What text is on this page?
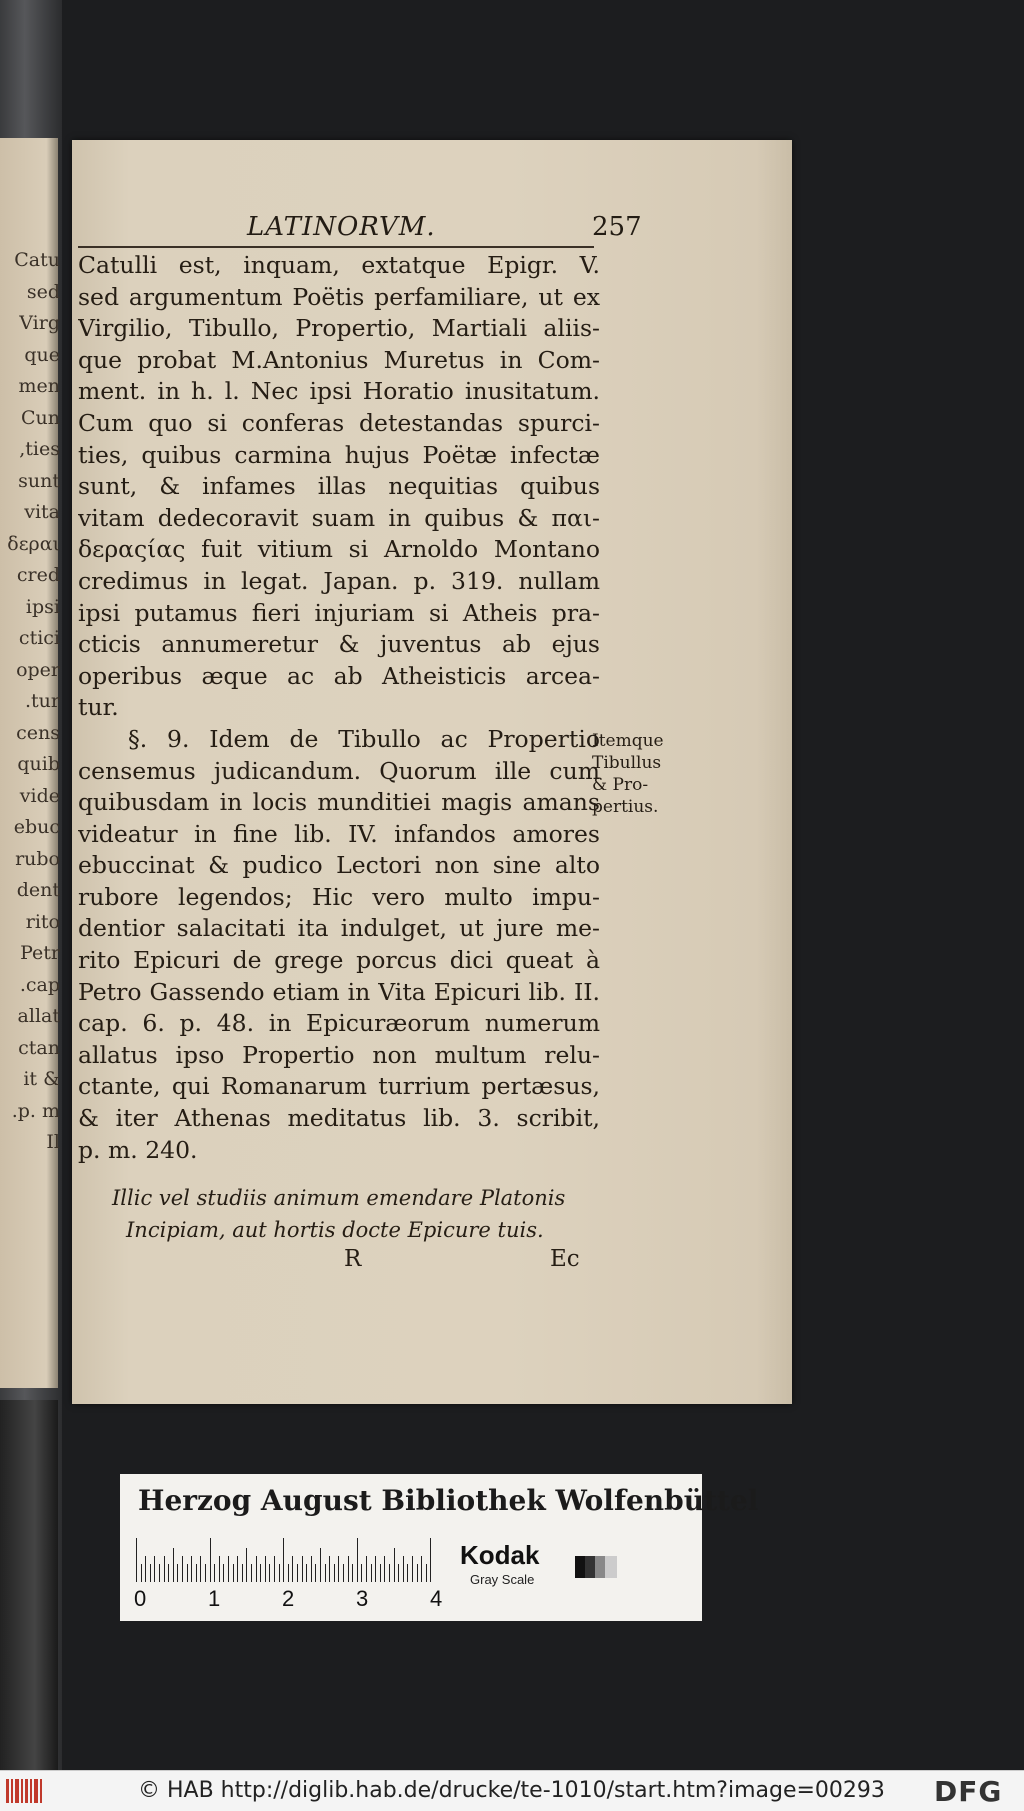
Catu
sed
Virg
que
men
Cun
ties,
sunt
vita
δεραι
cred
ipsi
ctici
oper
tur.
cens
quib
vide
ebuc
rubo
dent
rito
Petr
cap.
allat
ctan
& it
p. m.
Il
LATINORVM.	257
Catulli est, inquam, extatque Epigr. V.
sed argumentum Poëtis perfamiliare, ut ex
Virgilio, Tibullo, Propertio, Martiali aliis-
que probat M.Antonius Muretus in Com-
ment. in h. l. Nec ipsi Horatio inusitatum.
Cum quo si conferas detestandas spurci-
ties, quibus carmina hujus Poëtæ infectæ
sunt, & infames illas nequitias quibus
vitam dedecoravit suam in quibus & παι-
δεραςίας fuit vitium si Arnoldo Montano
credimus in legat. Japan. p. 319. nullam
ipsi putamus fieri injuriam si Atheis pra-
cticis annumeretur & juventus ab ejus
operibus æque ac ab Atheisticis arcea-
tur.
§. 9. Idem de Tibullo ac Propertio
censemus judicandum. Quorum ille cum
quibusdam in locis munditiei magis amans
videatur in fine lib. IV. infandos amores
ebuccinat & pudico Lectori non sine alto
rubore legendos; Hic vero multo impu-
dentior salacitati ita indulget, ut jure me-
rito Epicuri de grege porcus dici queat à
Petro Gassendo etiam in Vita Epicuri lib. II.
cap. 6. p. 48. in Epicuræorum numerum
allatus ipso Propertio non multum relu-
ctante, qui Romanarum turrium pertæsus,
& iter Athenas meditatus lib. 3. scribit,
p. m. 240.
Itemque
Tibullus
& Pro-
pertius.
Illic vel studiis animum emendare Platonis
Incipiam, aut hortis docte Epicure tuis.
R	Ec
Herzog August Bibliothek Wolfenbüttel
0	1	2	3	4
Kodak
Gray Scale
© HAB http://diglib.hab.de/drucke/te-1010/start.htm?image=00293 DFG
